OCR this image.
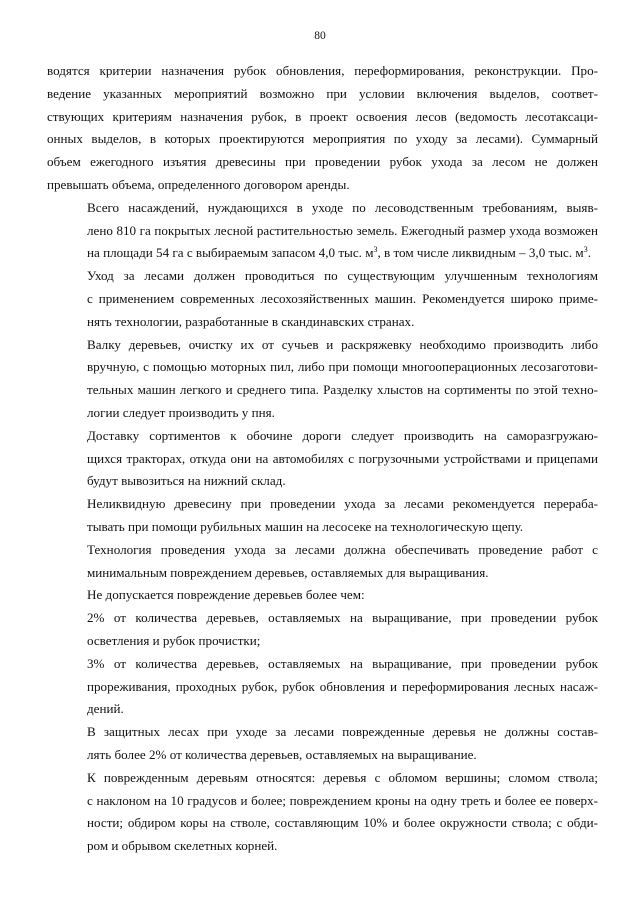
80

водятся критерии назначения рубок обновления, переформирования, реконструкции. Про-
ведение указанных мероприятий возможно при условии включения выделов, соответ-
ствующих критериям назначения рубок, в проект освоения лесов (ведомость лесотаксаци-
онных выделов, в которых проектируются мероприятия по уходу за лесами). Суммарный
объем ежегодного изъятия древесины при проведении рубок ухода за лесом не должен
превышать объема, определенного договором аренды.

Всего насаждений, нуждающихся в уходе по лесоводственным требованиям, выяв-
лено 810 га покрытых лесной растительностью земель. Ежегодный размер ухода возможен
на площади 54 га с выбираемым запасом 4,0 тыс. $м^3$, в том числе ликвидным – 3,0 тыс. $м^3$.

Уход за лесами должен проводиться по существующим улучшенным технологиям
с применением современных лесохозяйственных машин. Рекомендуется широко приме-
нять технологии, разработанные в скандинавских странах.

Валку деревьев, очистку их от сучьев и раскряжевку необходимо производить либо
вручную, с помощью моторных пил, либо при помощи многооперационных лесозаготови-
тельных машин легкого и среднего типа. Разделку хлыстов на сортименты по этой техно-
логии следует производить у пня.

Доставку сортиментов к обочине дороги следует производить на саморазгружаю-
щихся тракторах, откуда они на автомобилях с погрузочными устройствами и прицепами
будут вывозиться на нижний склад.

Неликвидную древесину при проведении ухода за лесами рекомендуется перераба-
тывать при помощи рубильных машин на лесосеке на технологическую щепу.

Технология проведения ухода за лесами должна обеспечивать проведение работ с
минимальным повреждением деревьев, оставляемых для выращивания.

Не допускается повреждение деревьев более чем:

2% от количества деревьев, оставляемых на выращивание, при проведении рубок
осветления и рубок прочистки;

3% от количества деревьев, оставляемых на выращивание, при проведении рубок
прореживания, проходных рубок, рубок обновления и переформирования лесных насаж-
дений.

В защитных лесах при уходе за лесами поврежденные деревья не должны состав-
лять более 2% от количества деревьев, оставляемых на выращивание.

К поврежденным деревьям относятся: деревья с обломом вершины; сломом ствола;
с наклоном на 10 градусов и более; повреждением кроны на одну треть и более ее поверх-
ности; обдиром коры на стволе, составляющим 10% и более окружности ствола; с обди-
ром и обрывом скелетных корней.
